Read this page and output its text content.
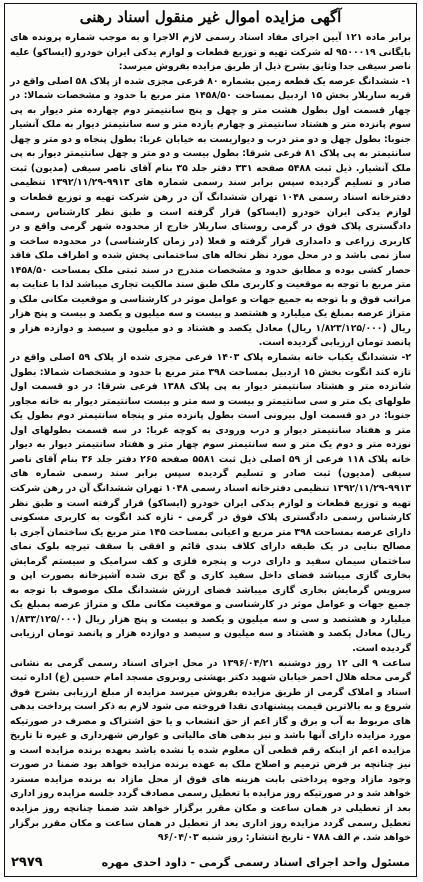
آگهی مزایده اموال غیر منقول اسناد رهنی

برابر ماده ۱۲۱ آیین اجرای مفاد اسناد رسمی لازم الاجرا و به موجب شماره پرونده های بایگانی ۹۵۰۰۰۱۹ له شرکت تهیه و توزیع قطعات و لوازم یدکی ایران خودرو (ایساکو) علیه ناصر سیفی جدا وثایق بشرح ذیل از طریق مزایده بفروش میرسد:

۱- ششدانگ عرصه یک قطعه زمین بشماره ۸۰ فرعی مجزی شده از پلاک ۵۸ اصلی واقع در قریه ساریلار بخش ۱۵ اردبیل بمساحت ۱۴۵۸/۵۰ متر مربع با حدود و مشخصات شمالا: در چهار قسمت اول بطول هشت متر و چهل و پنج سانتیمتر دوم چهارده متر دیوار به پی سوم پانزده متر و هشتاد سانتیمتر و چهارم یازده متر و سه سانتیمتر دیوار به ملک آنشیار جنوبا: بطول چهل و دو متر درب و دیواریست به خیابان غربا: بطول پنجاه و دو متر و چهل سانتیمتر به پی پلاک ۸۱ فرعی شرقا: بطول بیست و دو متر و چهل سانتیمتر دیوار به پی ملک آنشیار. ذیل ثبت ۵۴۸۸ صفحه ۳۳۱ دفتر جلد ۳۵ بنام آقای ناصر سیفی (مدیون) ثبت صادر و تسلیم گردیده سپس برابر سند رسمی شماره های ۹۹۱۳-۱۳۹۲/۱۱/۲۹ تنظیمی دفترخانه اسناد رسمی ۱۰۴۸ تهران ششدانگ آن در رهن شرکت تهیه و توزیع قطعات و لوازم یدکی ایران خودرو (ایساکو) قرار گرفته است و طبق نظر کارشناس رسمی دادگستری پلاک فوق در گرمی روستای ساریلار خارج از محدوده شهر گرمی واقع و در کاربری زراعی و دامداری قرار گرفته و فعلا (در زمان کارشناسی) در محدوده ساخت و ساز نمی باشد و در محل مورد نظر نخاله های ساختمانی پخش شده و اطراف ملک فاقد حصار کشی بوده و مطابق حدود و مشخصات مندرج در سند ثبتی ملک بمساحت ۱۴۵۸/۵۰ متر مربع با توجه به موقعیت و کاربری ملک طبق سند مالکیت تجاری میباشد لذا با عنایت به مراتب فوق و با توجه به جمیع جهات و عوامل موثر در کارشناسی و موقعیت مکانی ملک و متراژ عرصه بمبلغ یک میلیارد و هشتصد و بیست و سه میلیون و یکصد و بیست و پنج هزار ریال (۱/۸۲۳/۱۲۵/۰۰۰ ریال) معادل یکصد و هشتاد و دو میلیون و سیصد و دوازده هزار و پانصد تومان ارزیابی گردیده است.

۲- ششدانگ یکباب خانه بشماره پلاک ۱۴۰۳ فرعی مجزی شده از پلاک ۵۹ اصلی واقع در تازه کند انگوت بخش ۱۵ اردبیل بمساحت ۳۹۸ متر مربع با حدود و مشخصات شمالا: بطول شانزده متر و هشتاد سانتیمتر دیوار به پی پلاک ۱۳۸۸ فرعی شرقا: در دو قسمت اول طولهای یک متر و سی سانتیمتر و بیست و سه متر و بیست سانتیمتر دیوار به خانه مجاور جنوبا: در دو قسمت اول بیرونی است بطول پانزده متر و پنجاه سانتیمتر دوم بطول یک متر و هفتاد سانتیمتر دیوار و درب ورودی به کوچه غربا: در سه قسمت بطولهای اول نوزده متر و دوم یک متر و سه سانتیمتر سوم چهار متر و هفتاد سانتیمتر دیوار به دیوار خانه پلاک ۱۱۸ فرعی از ۵۹ اصلی ذیل ثبت ۵۵۸۱ صفحه ۲۶۵ دفتر جلد ۳۶ بنام آقای ناصر سیفی (مدیون) ثبت صادر و تسلیم گردیده سپس برابر سند رسمی شماره های ۹۹۱۳-۱۳۹۲/۱۱/۲۹ تنظیمی دفترخانه اسناد رسمی ۱۰۴۸ تهران ششدانگ آن در رهن شرکت تهیه و توزیع قطعات و لوازم یدکی ایران خودرو (ایساکو) قرار گرفته است و طبق نظر کارشناس رسمی دادگستری پلاک فوق در گرمی - تازه کند انگوت به کاربری مسکونی دارای عرصه بمساحت ۳۹۸ متر مربع و اعیانی بمساحت ۱۴۵ متر مربع یک ساختمان آجری با مصالح بنایی در یک طبقه دارای کلاف بندی قائم و افقی با سقف تیرچه بلوک نمای ساختمان سیمان سفید و دارای درب و پنجره فلزی و کف سرامیک و سیستم گرمایش بخاری گازی میباشد فضای داخل سفید کاری و گچ بری شده آشپزخانه بصورت اپن و سرویس گرمایش بخاری گازی میباشد فضای ارزش ششدانگ ملک موصوف با توجه به جمیع جهات و عوامل موثر در کارشناسی و موقعیت مکانی ملک و متراژ عرصه بمبلغ یک میلیارد و هشتصد و سی و سه میلیون و یکصد و بیست و پنج هزار ریال (۱/۸۳۳/۱۲۵/۰۰۰ ریال) معادل یکصد و هشتاد و سه میلیون و سیصد و دوازده هزار و پانصد تومان ارزیابی گردیده است.

ساعت ۹ الی ۱۲ روز دوشنبه ۱۳۹۶/۰۴/۲۱ در محل اجرای اسناد رسمی گرمی به نشانی گرمی محله هلال احمر خیابان شهید دکتر بهشتی روبروی مسجد امام حسین (ع) اداره ثبت اسناد و املاک گرمی از طریق مزایده بفروش میرسد مزایده از مبلغ ارزیابی بشرح فوق شروع و به بالاترین قیمت پیشنهادی نقدا فروخته می شود لازم به ذکر است پرداخت بدهی های مربوط به آب و برق و گاز اعم از حق انشعاب و یا حق اشتراک و مصرف در صورتیکه مورد مزایده دارای آنها باشد و نیز بدهی های مالیاتی و عوارض شهرداری و غیره تا تاریخ مزایده اعم از اینکه رقم قطعی آن معلوم شده یا نشده باشد بعهده برنده مزایده است و نیز چنانچه بر فرض ترمیم و اصلاح ملک به عهده برنده مزایده خواهد بود ضمنا در صورت وجود مازاد وجوه پرداختی بابت هزینه های فوق از محل مازاد به برنده مزایده مسترد خواهد شد و در صورتیکه روز مزایده با تعطیل رسمی مصادف گردد جلسه مزایده روز اداری بعد از تعطیلی در همان ساعت و مکان مقرر برگزار خواهد شد ضمنا چنانچه روز مزایده تعطیل رسمی گردد مزایده روز اداری بعد از تعطیل در همان ساعت و مکان مقرر برگزار خواهد شد. م الف ۷۸۸ - تاریخ انتشار: روز شنبه ۹۶/۰۴/۰۳

مسئول واحد اجرای اسناد رسمی گرمی - داود احدی مهره
۲۹۷۹
